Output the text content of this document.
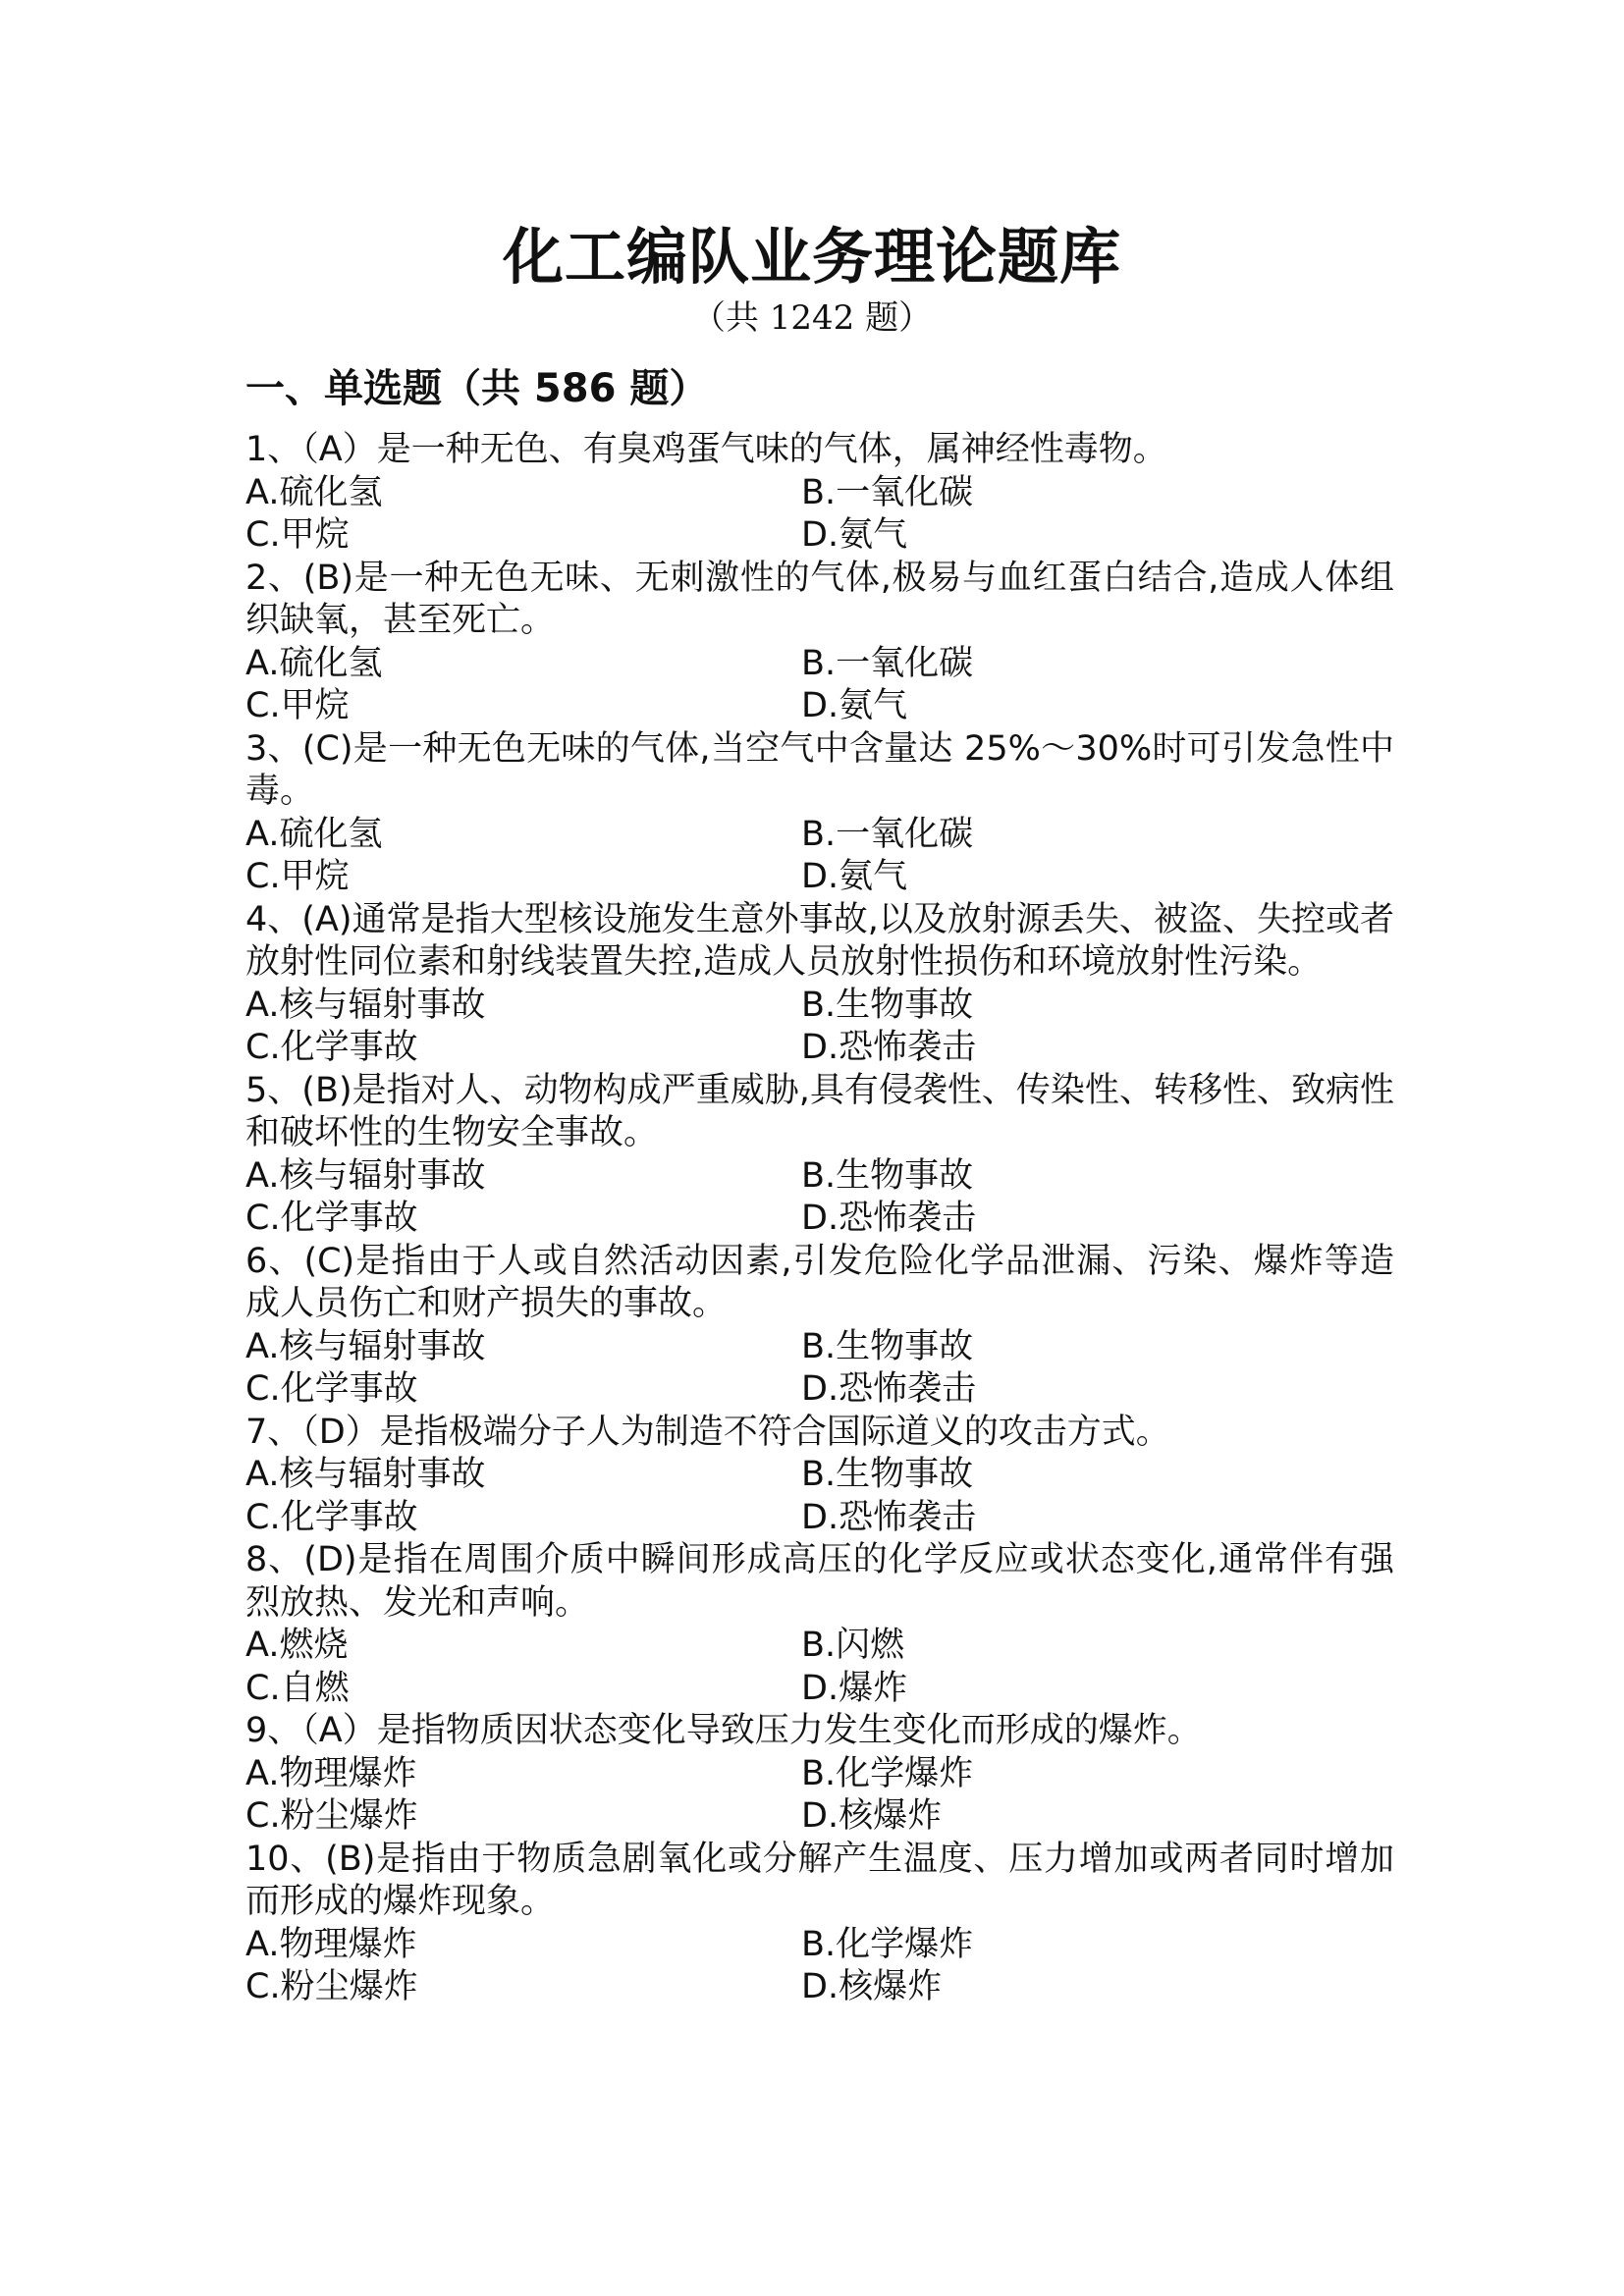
化工编队业务理论题库

（共 1242 题）

一、单选题（共 586 题）

1、（A）是一种无色、有臭鸡蛋气味的气体，属神经性毒物。

A.硫化氢	B.一氧化碳
C.甲烷	D.氨气

2、(B)是一种无色无味、无刺激性的气体,极易与血红蛋白结合,造成人体组织缺氧，甚至死亡。

A.硫化氢	B.一氧化碳
C.甲烷	D.氨气

3、(C)是一种无色无味的气体,当空气中含量达 25%～30%时可引发急性中毒。

A.硫化氢	B.一氧化碳
C.甲烷	D.氨气

4、(A)通常是指大型核设施发生意外事故,以及放射源丢失、被盗、失控或者放射性同位素和射线装置失控,造成人员放射性损伤和环境放射性污染。

A.核与辐射事故	B.生物事故
C.化学事故	D.恐怖袭击

5、(B)是指对人、动物构成严重威胁,具有侵袭性、传染性、转移性、致病性和破坏性的生物安全事故。

A.核与辐射事故	B.生物事故
C.化学事故	D.恐怖袭击

6、(C)是指由于人或自然活动因素,引发危险化学品泄漏、污染、爆炸等造成人员伤亡和财产损失的事故。

A.核与辐射事故	B.生物事故
C.化学事故	D.恐怖袭击

7、（D）是指极端分子人为制造不符合国际道义的攻击方式。

A.核与辐射事故	B.生物事故
C.化学事故	D.恐怖袭击

8、(D)是指在周围介质中瞬间形成高压的化学反应或状态变化,通常伴有强烈放热、发光和声响。

A.燃烧	B.闪燃
C.自燃	D.爆炸

9、（A）是指物质因状态变化导致压力发生变化而形成的爆炸。

A.物理爆炸	B.化学爆炸
C.粉尘爆炸	D.核爆炸

10、(B)是指由于物质急剧氧化或分解产生温度、压力增加或两者同时增加而形成的爆炸现象。

A.物理爆炸	B.化学爆炸
C.粉尘爆炸	D.核爆炸
